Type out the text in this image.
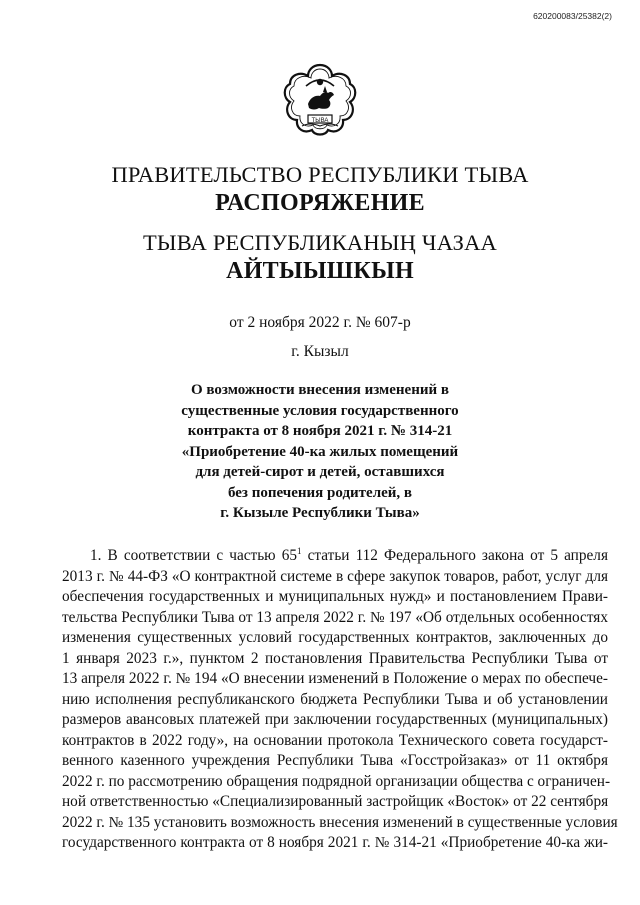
620200083/25382(2)
ТЫВА
ПРАВИТЕЛЬСТВО РЕСПУБЛИКИ ТЫВА
РАСПОРЯЖЕНИЕ
ТЫВА РЕСПУБЛИКАНЫҢ ЧАЗАА
АЙТЫЫШКЫН
от 2 ноября 2022 г. № 607-р
г. Кызыл
О возможности внесения изменений в
существенные условия государственного
контракта от 8 ноября 2021 г. № 314-21
«Приобретение 40-ка жилых помещений
для детей-сирот и детей, оставшихся
без попечения родителей, в
г. Кызыле Республики Тыва»
1. В соответствии с частью $65^1$ статьи 112 Федерального закона от 5 апреля
2013 г. № 44-ФЗ «О контрактной системе в сфере закупок товаров, работ, услуг для
обеспечения государственных и муниципальных нужд» и постановлением Прави-
тельства Республики Тыва от 13 апреля 2022 г. № 197 «Об отдельных особенностях
изменения существенных условий государственных контрактов, заключенных до
1 января 2023 г.», пунктом 2 постановления Правительства Республики Тыва от
13 апреля 2022 г. № 194 «О внесении изменений в Положение о мерах по обеспече-
нию исполнения республиканского бюджета Республики Тыва и об установлении
размеров авансовых платежей при заключении государственных (муниципальных)
контрактов в 2022 году», на основании протокола Технического совета государст-
венного казенного учреждения Республики Тыва «Госстройзаказ» от 11 октября
2022 г. по рассмотрению обращения подрядной организации общества с ограничен-
ной ответственностью «Специализированный застройщик «Восток» от 22 сентября
2022 г. № 135 установить возможность внесения изменений в существенные условия
государственного контракта от 8 ноября 2021 г. № 314-21 «Приобретение 40-ка жи-
